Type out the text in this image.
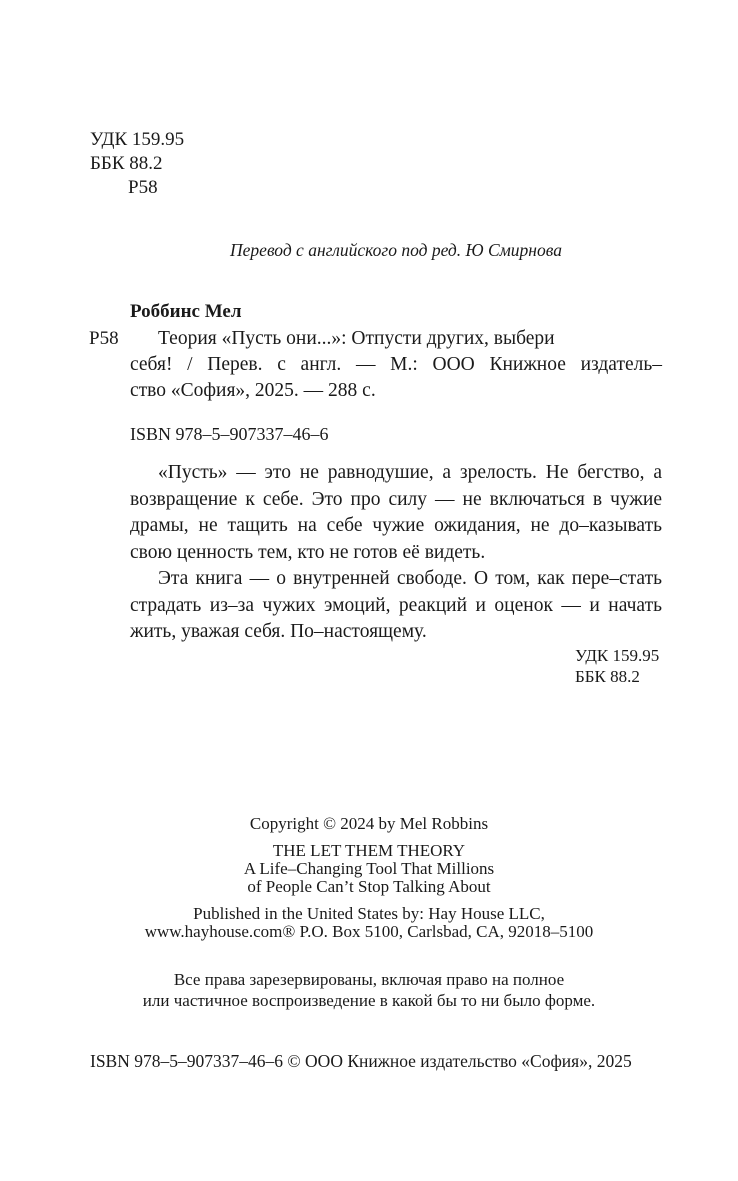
УДК 159.95
ББК 88.2
Р58
Перевод с английского под ред. Ю Смирнова
Роббинс Мел
Р58	Теория «Пусть они...»: Отпусти других, выбери
себя! / Перев. с англ. — М.: ООО Книжное издатель–
ство «София», 2025. — 288 с.
ISBN 978–5–907337–46–6

«Пусть» — это не равнодушие, а зрелость. Не бегство, а возвращение к себе. Это про силу — не включаться в чужие драмы, не тащить на себе чужие ожидания, не до–казывать свою ценность тем, кто не готов её видеть.

Эта книга — о внутренней свободе. О том, как пере–стать страдать из–за чужих эмоций, реакций и оценок — и начать жить, уважая себя. По–настоящему.

УДК 159.95
ББК 88.2
Copyright © 2024 by Mel Robbins
THE LET THEM THEORY
A Life–Changing Tool That Millions
of People Can’t Stop Talking About
Published in the United States by: Hay House LLC,
www.hayhouse.com® P.O. Box 5100, Carlsbad, CA, 92018–5100
Все права зарезервированы, включая право на полное
или частичное воспроизведение в какой бы то ни было форме.
ISBN 978–5–907337–46–6 © ООО Книжное издательство «София», 2025
